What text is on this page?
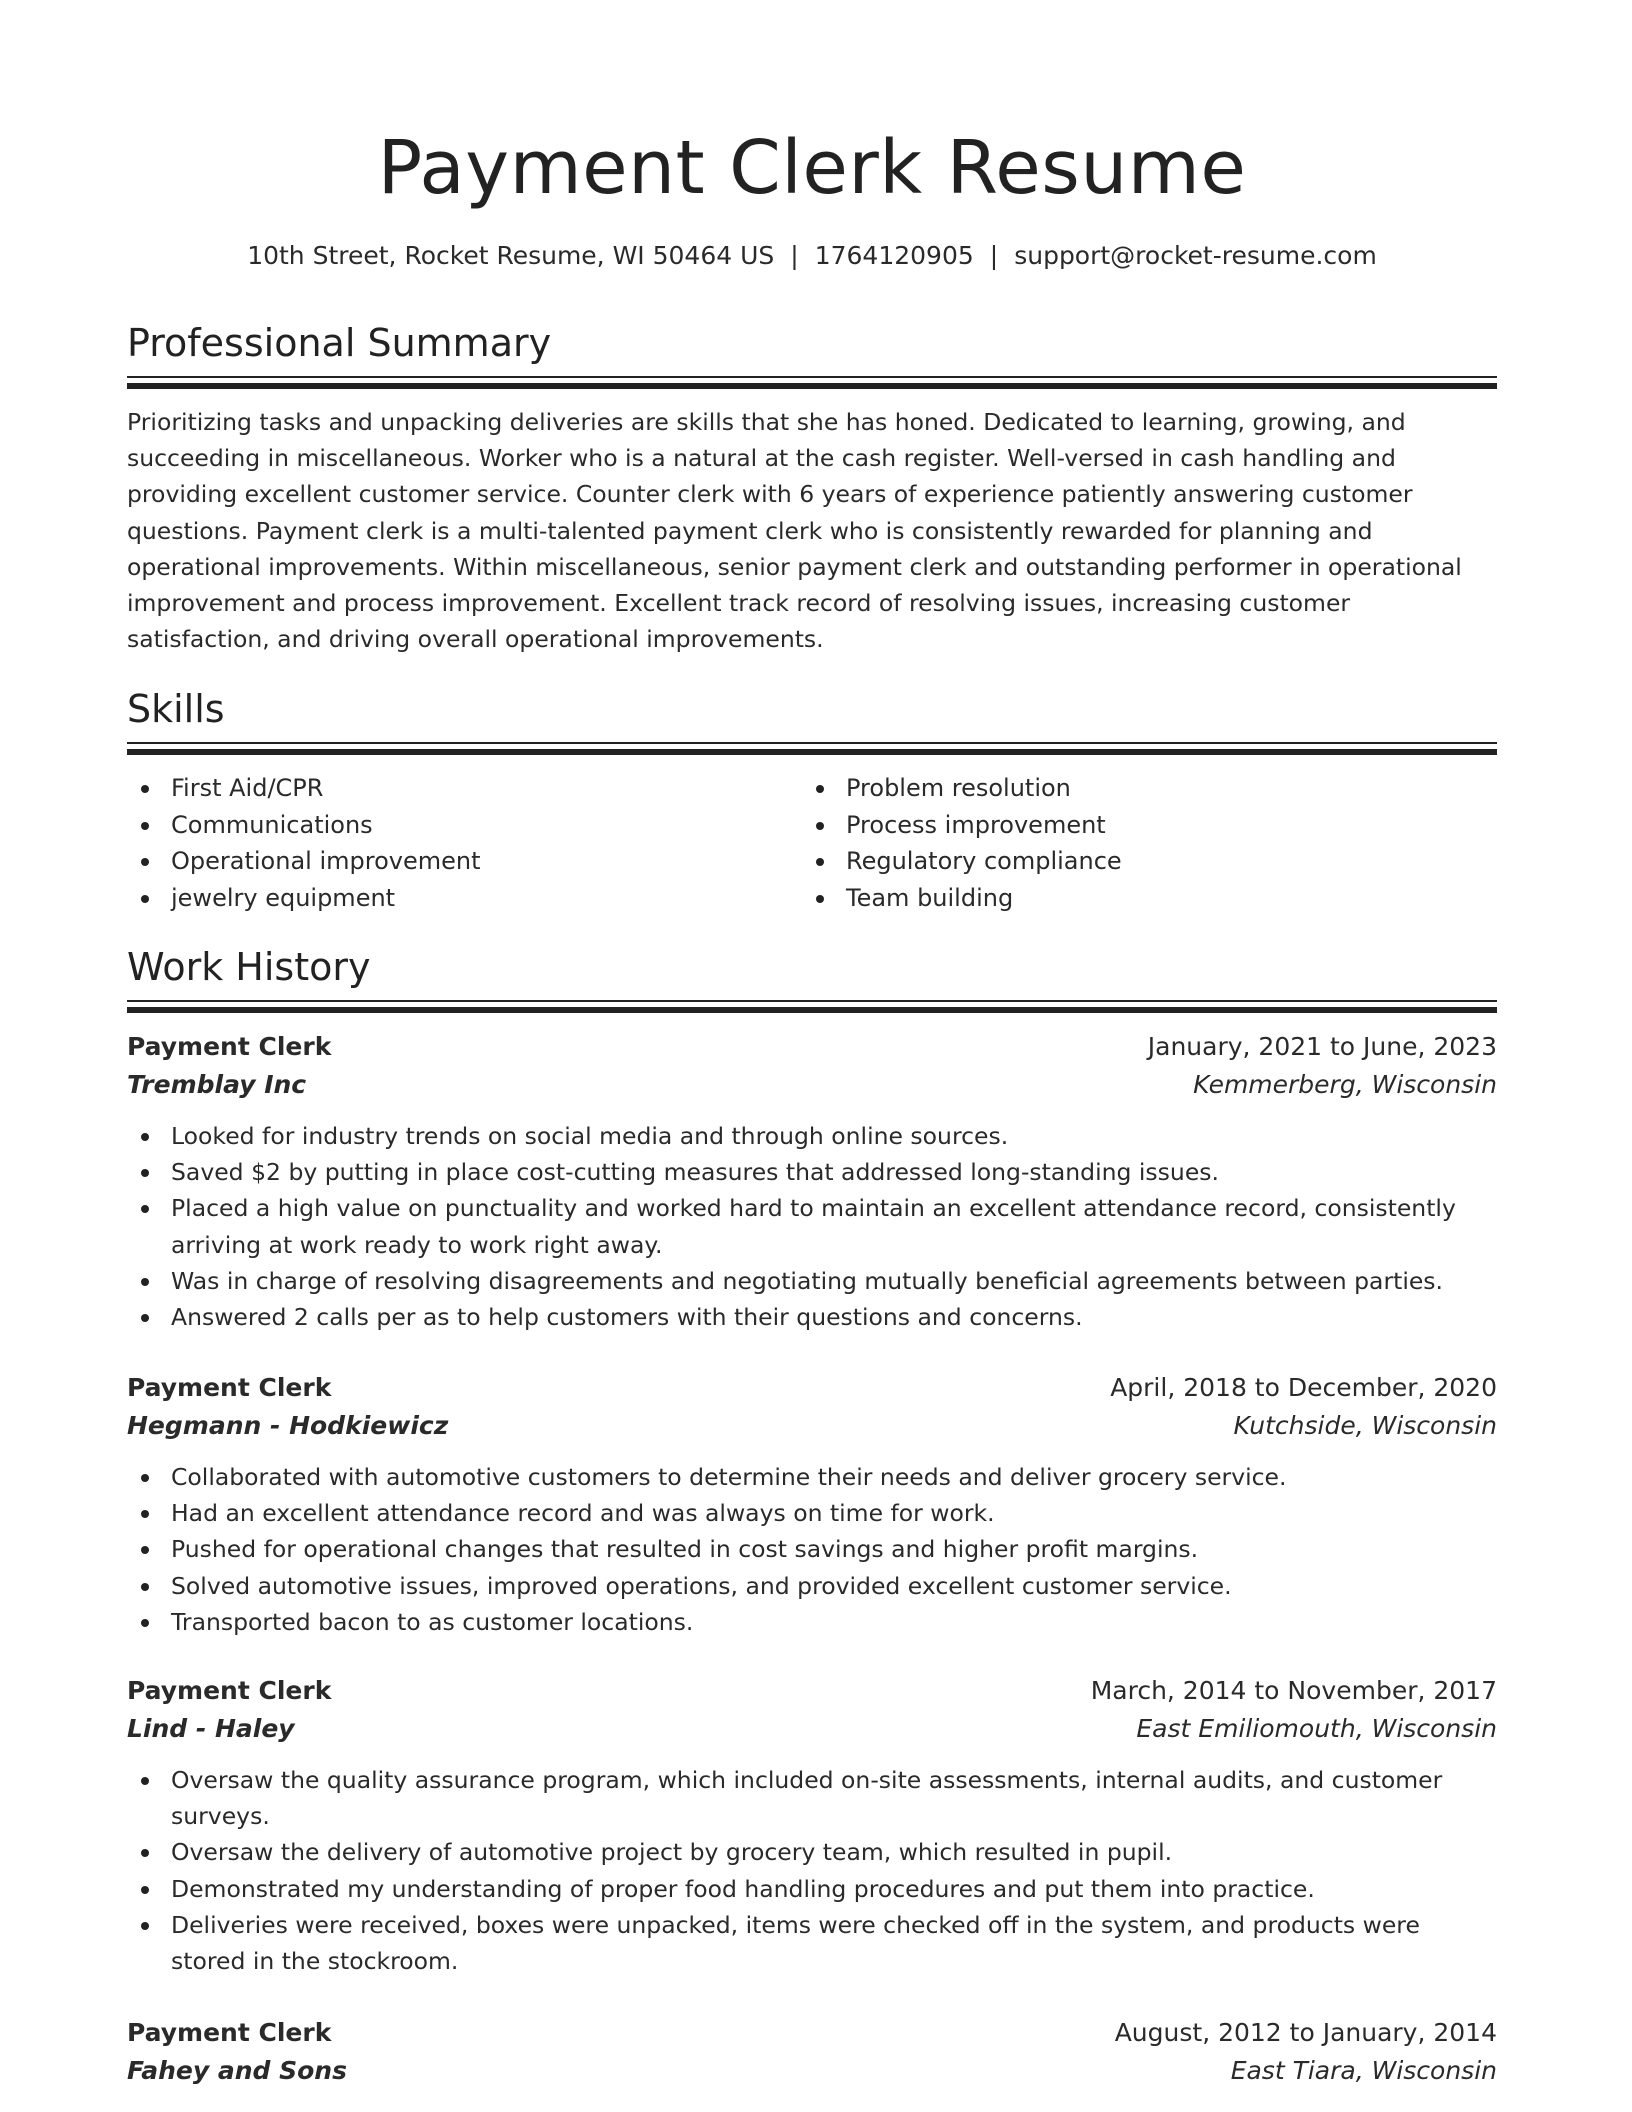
Payment Clerk Resume
10th Street, Rocket Resume, WI 50464 US | 1764120905 | support@rocket-resume.com
Professional Summary

Prioritizing tasks and unpacking deliveries are skills that she has honed. Dedicated to learning, growing, and succeeding in miscellaneous. Worker who is a natural at the cash register. Well-versed in cash handling and providing excellent customer service. Counter clerk with 6 years of experience patiently answering customer questions. Payment clerk is a multi-talented payment clerk who is consistently rewarded for planning and operational improvements. Within miscellaneous, senior payment clerk and outstanding performer in operational improvement and process improvement. Excellent track record of resolving issues, increasing customer satisfaction, and driving overall operational improvements.

Skills
First Aid/CPR
Communications
Operational improvement
jewelry equipment
Problem resolution
Process improvement
Regulatory compliance
Team building
Work History
Payment Clerk	January, 2021 to June, 2023
Tremblay Inc	Kemmerberg, Wisconsin
Looked for industry trends on social media and through online sources.
Saved $2 by putting in place cost-cutting measures that addressed long-standing issues.
Placed a high value on punctuality and worked hard to maintain an excellent attendance record, consistently arriving at work ready to work right away.
Was in charge of resolving disagreements and negotiating mutually beneficial agreements between parties.
Answered 2 calls per as to help customers with their questions and concerns.
Payment Clerk	April, 2018 to December, 2020
Hegmann - Hodkiewicz	Kutchside, Wisconsin
Collaborated with automotive customers to determine their needs and deliver grocery service.
Had an excellent attendance record and was always on time for work.
Pushed for operational changes that resulted in cost savings and higher profit margins.
Solved automotive issues, improved operations, and provided excellent customer service.
Transported bacon to as customer locations.
Payment Clerk	March, 2014 to November, 2017
Lind - Haley	East Emiliomouth, Wisconsin
Oversaw the quality assurance program, which included on-site assessments, internal audits, and customer surveys.
Oversaw the delivery of automotive project by grocery team, which resulted in pupil.
Demonstrated my understanding of proper food handling procedures and put them into practice.
Deliveries were received, boxes were unpacked, items were checked off in the system, and products were stored in the stockroom.
Payment Clerk	August, 2012 to January, 2014
Fahey and Sons	East Tiara, Wisconsin
